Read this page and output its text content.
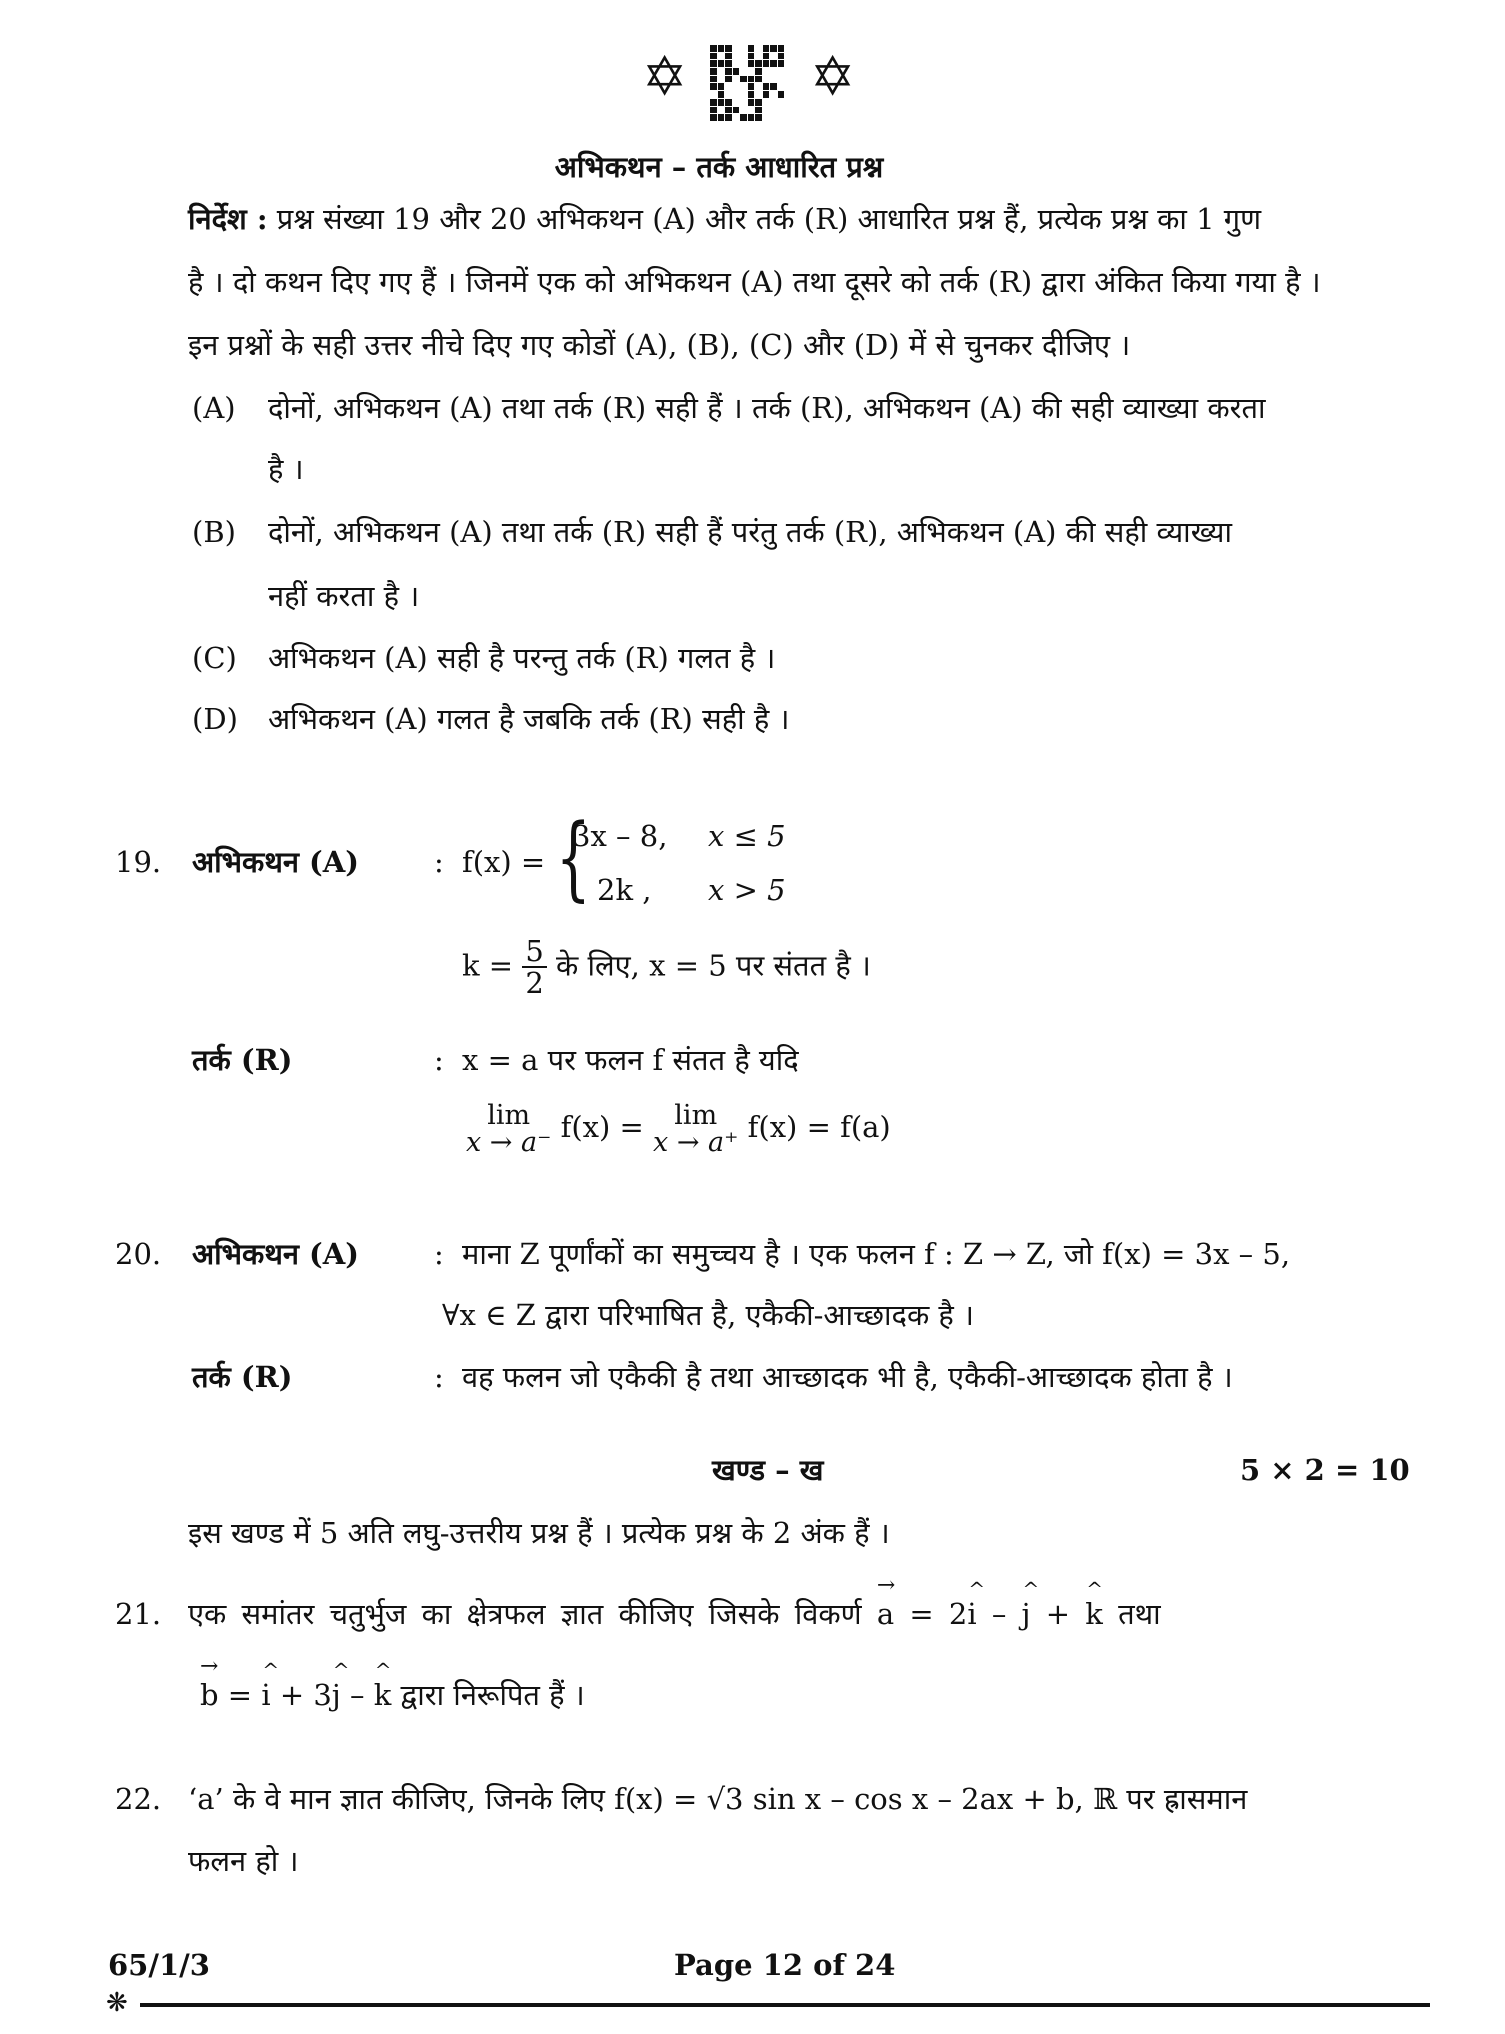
✡ ✡
अभिकथन – तर्क आधारित प्रश्न
निर्देश : प्रश्न संख्या 19 और 20 अभिकथन (A) और तर्क (R) आधारित प्रश्न हैं, प्रत्येक प्रश्न का 1 गुण
है । दो कथन दिए गए हैं । जिनमें एक को अभिकथन (A) तथा दूसरे को तर्क (R) द्वारा अंकित किया गया है ।
इन प्रश्नों के सही उत्तर नीचे दिए गए कोडों (A), (B), (C) और (D) में से चुनकर दीजिए ।
(A) दोनों, अभिकथन (A) तथा तर्क (R) सही हैं । तर्क (R), अभिकथन (A) की सही व्याख्या करता
है ।
(B) दोनों, अभिकथन (A) तथा तर्क (R) सही हैं परंतु तर्क (R), अभिकथन (A) की सही व्याख्या
नहीं करता है ।
(C) अभिकथन (A) सही है परन्तु तर्क (R) गलत है ।
(D) अभिकथन (A) गलत है जबकि तर्क (R) सही है ।
19. अभिकथन (A)	: f(x) = {
3x – 8, x ≤ 5
2k , x > 5
$k = \frac{5}{2}$ के लिए, x = 5 पर संतत है ।
तर्क (R)	: x = a पर फलन f संतत है यदि
lim
x → a⁻ f(x) = lim
x → a⁺ f(x) = f(a)
20. अभिकथन (A)	: माना Z पूर्णांकों का समुच्चय है । एक फलन f : Z → Z, जो f(x) = 3x – 5,
∀x ∈ Z द्वारा परिभाषित है, एकैकी-आच्छादक है ।
तर्क (R)	: वह फलन जो एकैकी है तथा आच्छादक भी है, एकैकी-आच्छादक होता है ।
खण्ड – ख	5 × 2 = 10
इस खण्ड में 5 अति लघु-उत्तरीय प्रश्न हैं । प्रत्येक प्रश्न के 2 अंक हैं ।
21. एक समांतर चतुर्भुज का क्षेत्रफल ज्ञात कीजिए जिसके विकर्ण → a = 2^ i – ^ j + ^ k तथा
→ b = ^ i + 3^ j – ^ k द्वारा निरूपित हैं ।
22. ‘a’ के वे मान ज्ञात कीजिए, जिनके लिए f(x) = √3 sin x – cos x – 2ax + b, ℝ पर ह्रासमान
फलन हो ।
65/1/3	Page 12 of 24
❋
